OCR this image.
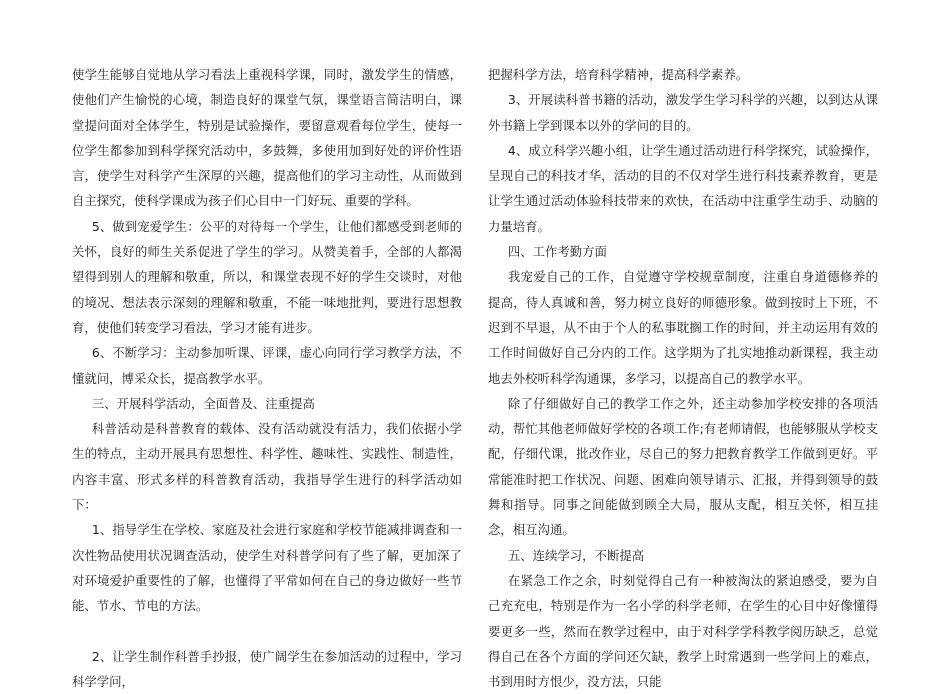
使学生能够自觉地从学习看法上重视科学课，同时，激发学生的情感，使他们产生愉悦的心境，制造良好的课堂气氛，课堂语言简洁明白，课堂提问面对全体学生，特别是试验操作，要留意观看每位学生，使每一位学生都参加到科学探究活动中，多鼓舞，多使用加到好处的评价性语言，使学生对科学产生深厚的兴趣，提高他们的学习主动性，从而做到自主探究，使科学课成为孩子们心目中一门好玩、重要的学科。

5、做到宠爱学生：公平的对待每一个学生，让他们都感受到老师的关怀，良好的师生关系促进了学生的学习。从赞美着手，全部的人都渴望得到别人的理解和敬重，所以，和课堂表现不好的学生交谈时，对他的境况、想法表示深刻的理解和敬重，不能一味地批判，要进行思想教育，使他们转变学习看法，学习才能有进步。

6、不断学习：主动参加听课、评课，虚心向同行学习教学方法，不懂就问，博采众长，提高教学水平。

三、开展科学活动，全面普及、注重提高

科普活动是科普教育的载体、没有活动就没有活力，我们依据小学生的特点，主动开展具有思想性、科学性、趣味性、实践性、制造性，内容丰富、形式多样的科普教育活动，我指导学生进行的科学活动如下：

1、指导学生在学校、家庭及社会进行家庭和学校节能减排调查和一次性物品使用状况调查活动，使学生对科普学问有了些了解，更加深了对环境爱护重要性的了解，也懂得了平常如何在自己的身边做好一些节能、节水、节电的方法。

2、让学生制作科普手抄报，使广阔学生在参加活动的过程中，学习科学学问，

把握科学方法，培育科学精神，提高科学素养。

3、开展读科普书籍的活动，激发学生学习科学的兴趣，以到达从课外书籍上学到课本以外的学问的目的。

4、成立科学兴趣小组，让学生通过活动进行科学探究，试验操作，呈现自己的科技才华，活动的目的不仅对学生进行科技素养教育，更是让学生通过活动体验科技带来的欢快，在活动中注重学生动手、动脑的力量培育。

四、工作考勤方面

我宠爱自己的工作，自觉遵守学校规章制度，注重自身道德修养的提高，待人真诚和善，努力树立良好的师德形象。做到按时上下班，不迟到不早退，从不由于个人的私事耽搁工作的时间，并主动运用有效的工作时间做好自己分内的工作。这学期为了扎实地推动新课程，我主动地去外校听科学沟通课，多学习，以提高自己的教学水平。

除了仔细做好自己的教学工作之外，还主动参加学校安排的各项活动，帮忙其他老师做好学校的各项工作;有老师请假，也能够服从学校支配，仔细代课，批改作业，尽自己的努力把教育教学工作做到更好。平常能准时把工作状况、问题、困难向领导请示、汇报，并得到领导的鼓舞和指导。同事之间能做到顾全大局，服从支配，相互关怀，相互挂念，相互沟通。

五、连续学习，不断提高

在紧急工作之余，时刻觉得自己有一种被淘汰的紧迫感受，要为自己充充电，特别是作为一名小学的科学老师，在学生的心目中好像懂得要更多一些，然而在教学过程中，由于对科学学科教学阅历缺乏，总觉得自己在各个方面的学问还欠缺，教学上时常遇到一些学问上的难点，书到用时方恨少，没方法，只能
